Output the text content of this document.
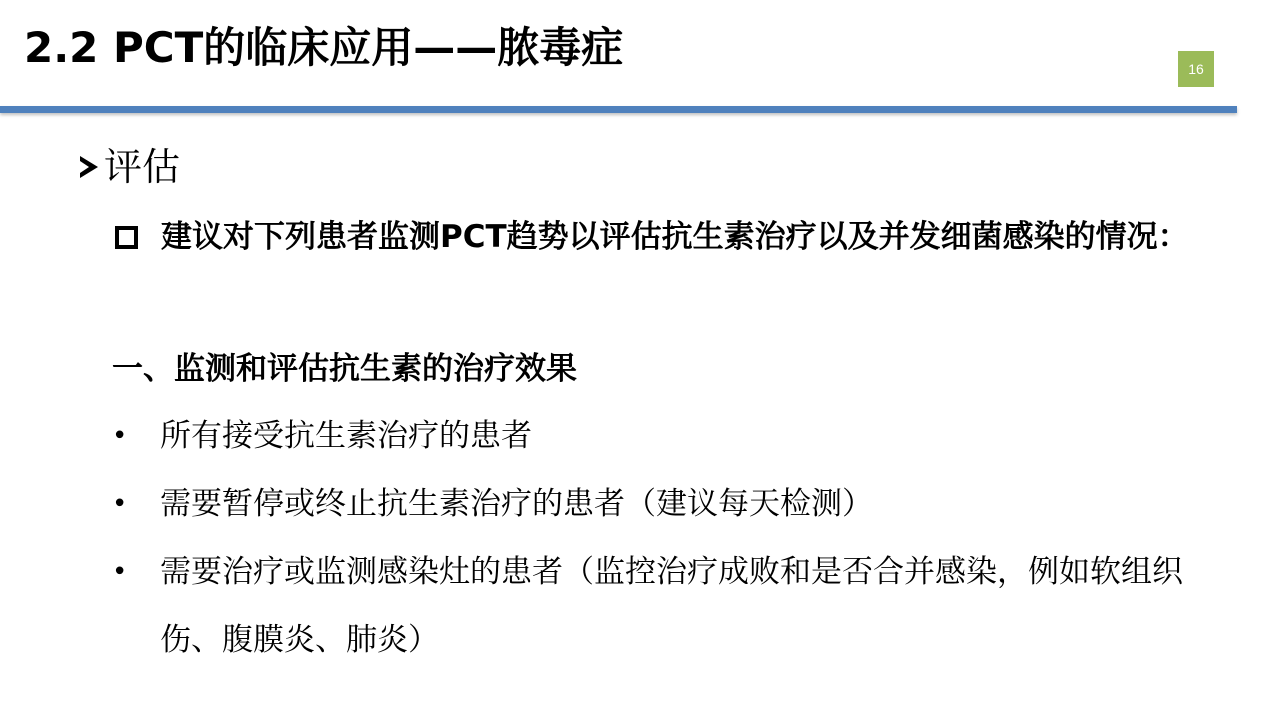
2.2 PCT的临床应用——脓毒症	16
评估
建议对下列患者监测PCT趋势以评估抗生素治疗以及并发细菌感染的情况：
一、监测和评估抗生素的治疗效果
• 所有接受抗生素治疗的患者
• 需要暂停或终止抗生素治疗的患者（建议每天检测）
• 需要治疗或监测感染灶的患者（监控治疗成败和是否合并感染，例如软组织伤、腹膜炎、肺炎）
